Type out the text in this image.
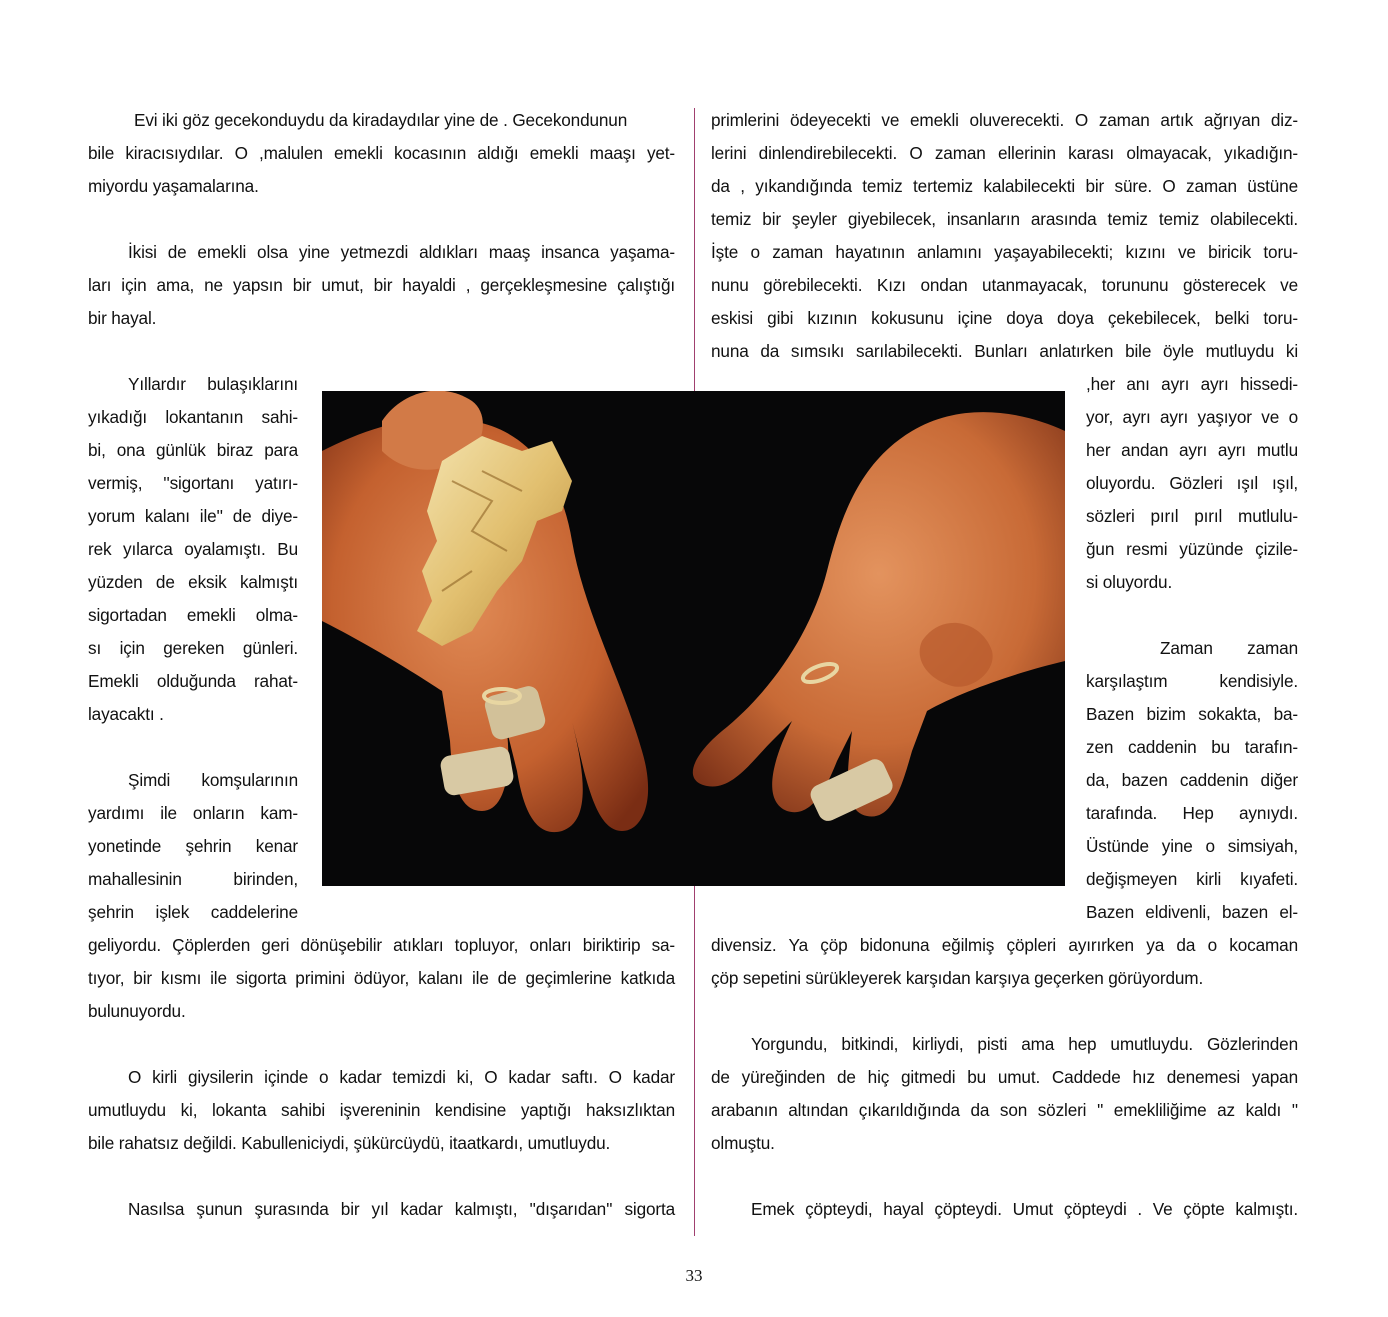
Evi iki göz gecekonduydu da kiradaydılar yine de . Gecekondunun
bile kiracısıydılar. O ,malulen emekli kocasının aldığı emekli maaşı yet-
miyordu yaşamalarına.
İkisi de emekli olsa yine yetmezdi aldıkları maaş insanca yaşama-
ları için ama, ne yapsın bir umut, bir hayaldi , gerçekleşmesine çalıştığı
bir hayal.
Yıllardır bulaşıklarını
yıkadığı lokantanın sahi-
bi, ona günlük biraz para
vermiş, ''sigortanı yatırı-
yorum kalanı ile'' de diye-
rek yılarca oyalamıştı. Bu
yüzden de eksik kalmıştı
sigortadan emekli olma-
sı için gereken günleri.
Emekli olduğunda rahat-
layacaktı .
Şimdi komşularının
yardımı ile onların kam-
yonetinde şehrin kenar
mahallesinin birinden,
şehrin işlek caddelerine
geliyordu. Çöplerden geri dönüşebilir atıkları topluyor, onları biriktirip sa-
tıyor, bir kısmı ile sigorta primini ödüyor, kalanı ile de geçimlerine katkıda
bulunuyordu.
O kirli giysilerin içinde o kadar temizdi ki, O kadar saftı. O kadar
umutluydu ki, lokanta sahibi işvereninin kendisine yaptığı haksızlıktan
bile rahatsız değildi. Kabulleniciydi, şükürcüydü, itaatkardı, umutluydu.
Nasılsa şunun şurasında bir yıl kadar kalmıştı, ''dışarıdan'' sigorta
primlerini ödeyecekti ve emekli oluverecekti. O zaman artık ağrıyan diz-
lerini dinlendirebilecekti. O zaman ellerinin karası olmayacak, yıkadığın-
da , yıkandığında temiz tertemiz kalabilecekti bir süre. O zaman üstüne
temiz bir şeyler giyebilecek, insanların arasında temiz temiz olabilecekti.
İşte o zaman hayatının anlamını yaşayabilecekti; kızını ve biricik toru-
nunu görebilecekti. Kızı ondan utanmayacak, torununu gösterecek ve
eskisi gibi kızının kokusunu içine doya doya çekebilecek, belki toru-
nuna da sımsıkı sarılabilecekti. Bunları anlatırken bile öyle mutluydu ki
,her anı ayrı ayrı hissedi-
yor, ayrı ayrı yaşıyor ve o
her andan ayrı ayrı mutlu
oluyordu. Gözleri ışıl ışıl,
sözleri pırıl pırıl mutlulu-
ğun resmi yüzünde çizile-
si oluyordu.
Zaman zaman
karşılaştım kendisiyle.
Bazen bizim sokakta, ba-
zen caddenin bu tarafın-
da, bazen caddenin diğer
tarafında. Hep aynıydı.
Üstünde yine o simsiyah,
değişmeyen kirli kıyafeti.
Bazen eldivenli, bazen el-
divensiz. Ya çöp bidonuna eğilmiş çöpleri ayırırken ya da o kocaman
çöp sepetini sürükleyerek karşıdan karşıya geçerken görüyordum.
Yorgundu, bitkindi, kirliydi, pisti ama hep umutluydu. Gözlerinden
de yüreğinden de hiç gitmedi bu umut. Caddede hız denemesi yapan
arabanın altından çıkarıldığında da son sözleri '' emekliliğime az kaldı ''
olmuştu.
Emek çöpteydi, hayal çöpteydi. Umut çöpteydi . Ve çöpte kalmıştı.
33
